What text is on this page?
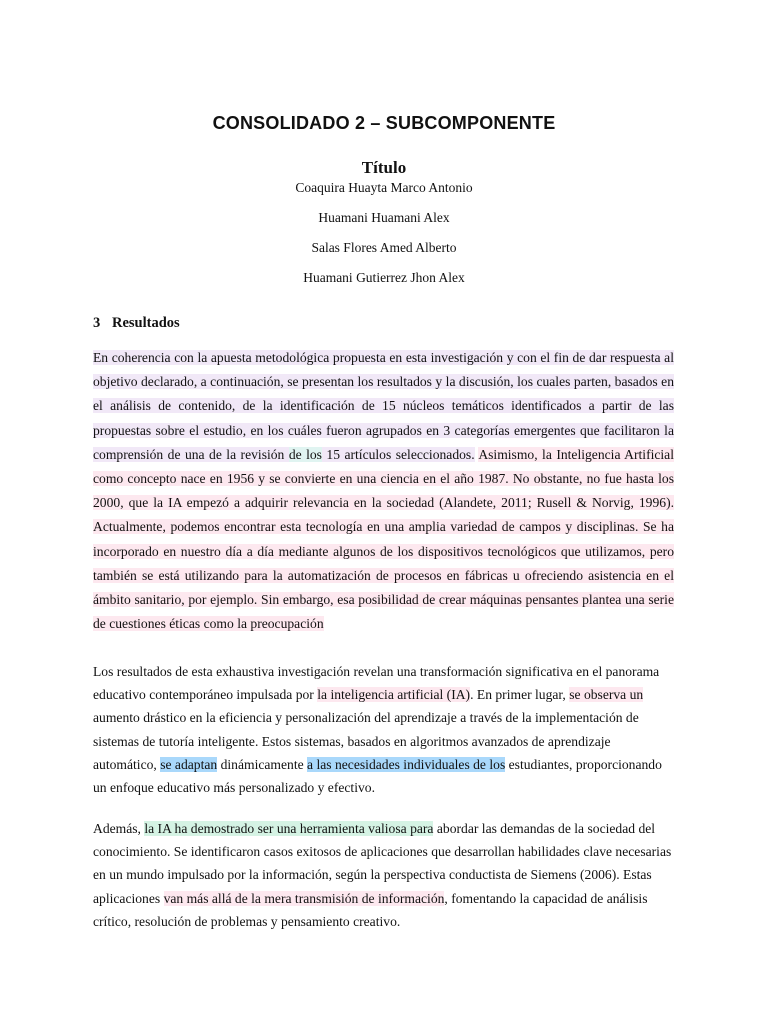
CONSOLIDADO 2 – SUBCOMPONENTE
Título
Coaquira Huayta Marco Antonio
Huamani Huamani Alex
Salas Flores Amed Alberto
Huamani Gutierrez Jhon Alex
3 Resultados
En coherencia con la apuesta metodológica propuesta en esta investigación y con el fin de dar respuesta al objetivo declarado, a continuación, se presentan los resultados y la discusión, los cuales parten, basados en el análisis de contenido, de la identificación de 15 núcleos temáticos identificados a partir de las propuestas sobre el estudio, en los cuáles fueron agrupados en 3 categorías emergentes que facilitaron la comprensión de una de la revisión de los 15 artículos seleccionados. Asimismo, la Inteligencia Artificial como concepto nace en 1956 y se convierte en una ciencia en el año 1987. No obstante, no fue hasta los 2000, que la IA empezó a adquirir relevancia en la sociedad (Alandete, 2011; Rusell & Norvig, 1996). Actualmente, podemos encontrar esta tecnología en una amplia variedad de campos y disciplinas. Se ha incorporado en nuestro día a día mediante algunos de los dispositivos tecnológicos que utilizamos, pero también se está utilizando para la automatización de procesos en fábricas u ofreciendo asistencia en el ámbito sanitario, por ejemplo. Sin embargo, esa posibilidad de crear máquinas pensantes plantea una serie de cuestiones éticas como la preocupación
Los resultados de esta exhaustiva investigación revelan una transformación significativa en el panorama educativo contemporáneo impulsada por la inteligencia artificial (IA). En primer lugar, se observa un aumento drástico en la eficiencia y personalización del aprendizaje a través de la implementación de sistemas de tutoría inteligente. Estos sistemas, basados en algoritmos avanzados de aprendizaje automático, se adaptan dinámicamente a las necesidades individuales de los estudiantes, proporcionando un enfoque educativo más personalizado y efectivo.
Además, la IA ha demostrado ser una herramienta valiosa para abordar las demandas de la sociedad del conocimiento. Se identificaron casos exitosos de aplicaciones que desarrollan habilidades clave necesarias en un mundo impulsado por la información, según la perspectiva conductista de Siemens (2006). Estas aplicaciones van más allá de la mera transmisión de información, fomentando la capacidad de análisis crítico, resolución de problemas y pensamiento creativo.
